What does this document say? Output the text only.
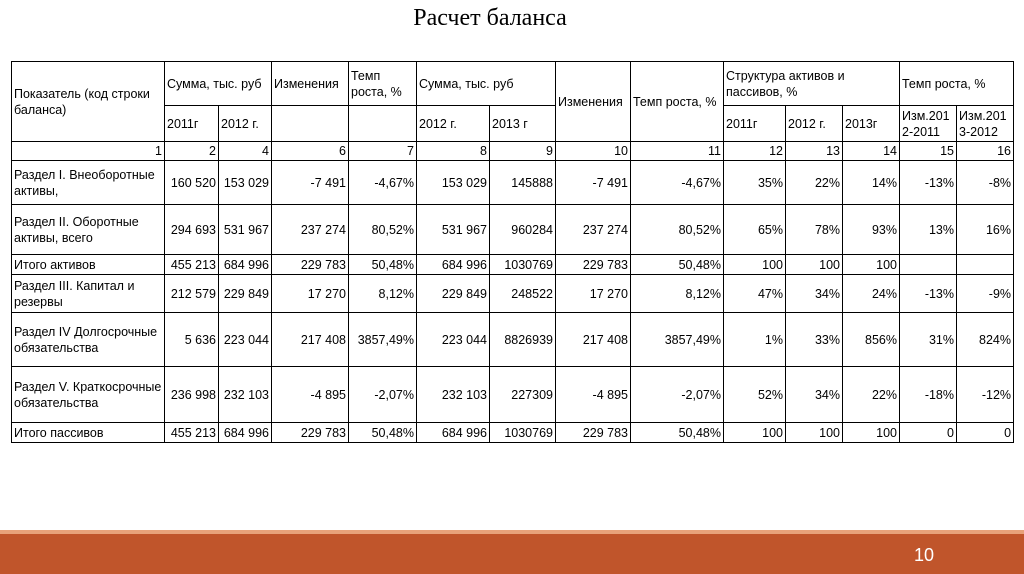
Расчет баланса
Показатель (код строки баланса)	Сумма, тыс. руб		Изменения	Темп роста, %	Сумма, тыс. руб		Изменения	Темп роста, %	Структура активов и пассивов, %			Темп роста, %	
	2011г	2012 г.			2012 г.	2013 г			2011г	2012 г.	2013г	Изм.2012-2011	Изм.2013-2012
1	2	4	6	7	8	9	10	11	12	13	14	15	16
Раздел I. Внеоборотные активы,	160 520	153 029	-7 491	-4,67%	153 029	145888	-7 491	-4,67%	35%	22%	14%	-13%	-8%
Раздел II. Оборотные активы, всего	294 693	531 967	237 274	80,52%	531 967	960284	237 274	80,52%	65%	78%	93%	13%	16%
Итого активов	455 213	684 996	229 783	50,48%	684 996	1030769	229 783	50,48%	100	100	100		
Раздел III. Капитал и резервы	212 579	229 849	17 270	8,12%	229 849	248522	17 270	8,12%	47%	34%	24%	-13%	-9%
Раздел IV Долгосрочные обязательства	5 636	223 044	217 408	3857,49%	223 044	8826939	217 408	3857,49%	1%	33%	856%	31%	824%
Раздел V. Краткосрочные обязательства	236 998	232 103	-4 895	-2,07%	232 103	227309	-4 895	-2,07%	52%	34%	22%	-18%	-12%
Итого пассивов	455 213	684 996	229 783	50,48%	684 996	1030769	229 783	50,48%	100	100	100	0	0
10
